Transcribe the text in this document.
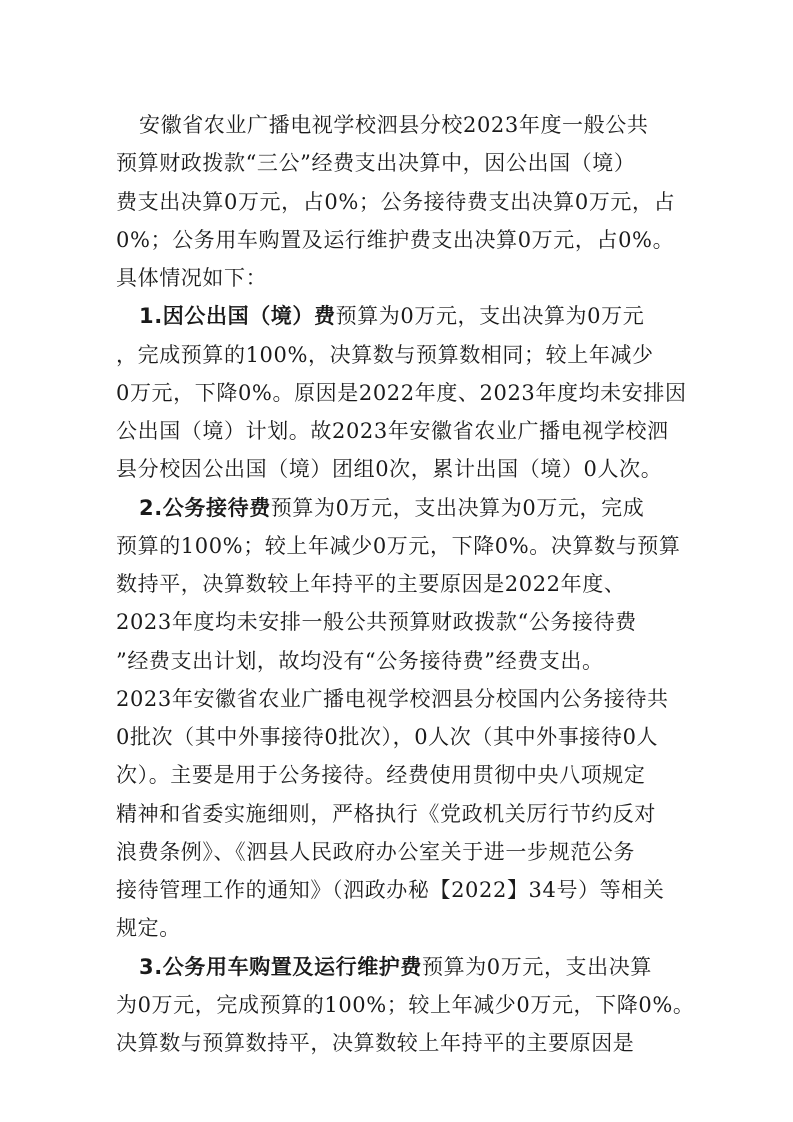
安徽省农业广播电视学校泗县分校2023年度一般公共
预算财政拨款“三公”经费支出决算中，因公出国（境）
费支出决算0万元，占0%；公务接待费支出决算0万元，占
0%；公务用车购置及运行维护费支出决算0万元，占0%。
具体情况如下：
1.因公出国（境）费预算为0万元，支出决算为0万元
，完成预算的100%，决算数与预算数相同；较上年减少
0万元，下降0%。原因是2022年度、2023年度均未安排因
公出国（境）计划。故2023年安徽省农业广播电视学校泗
县分校因公出国（境）团组0次，累计出国（境）0人次。
2.公务接待费预算为0万元，支出决算为0万元，完成
预算的100%；较上年减少0万元，下降0%。决算数与预算
数持平，决算数较上年持平的主要原因是2022年度、
2023年度均未安排一般公共预算财政拨款“公务接待费
”经费支出计划，故均没有“公务接待费”经费支出。
2023年安徽省农业广播电视学校泗县分校国内公务接待共
0批次（其中外事接待0批次），0人次（其中外事接待0人
次）。主要是用于公务接待。经费使用贯彻中央八项规定
精神和省委实施细则，严格执行《党政机关厉行节约反对
浪费条例》、《泗县人民政府办公室关于进一步规范公务
接待管理工作的通知》（泗政办秘【2022】34号）等相关
规定。
3.公务用车购置及运行维护费预算为0万元，支出决算
为0万元，完成预算的100%；较上年减少0万元，下降0%。
决算数与预算数持平，决算数较上年持平的主要原因是
